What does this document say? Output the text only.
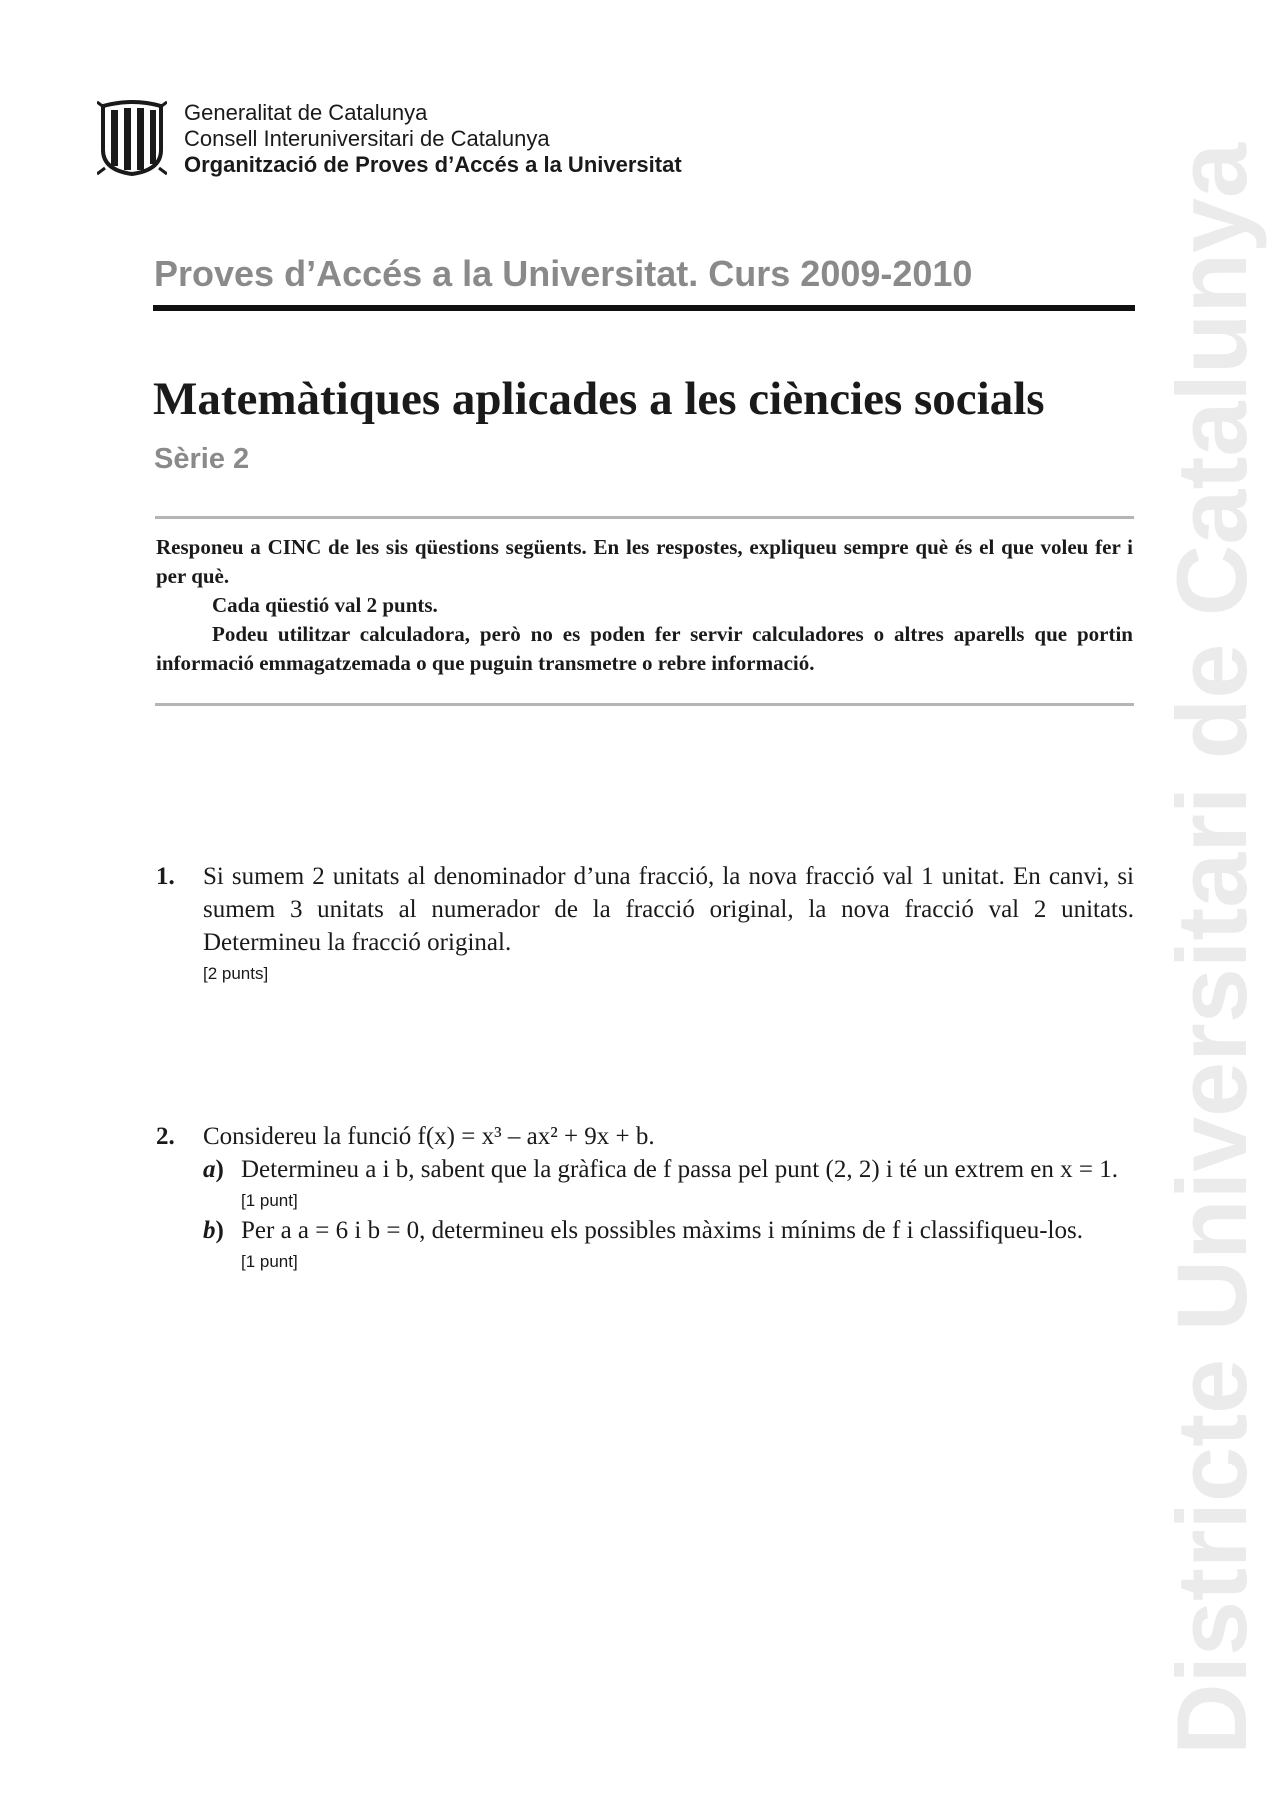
Generalitat de Catalunya
Consell Interuniversitari de Catalunya
Organització de Proves d’Accés a la Universitat
Proves d’Accés a la Universitat. Curs 2009-2010
Matemàtiques aplicades a les ciències socials
Sèrie 2

Responeu a CINC de les sis qüestions següents. En les respostes, expliqueu sempre què és el que voleu fer i per què.

Cada qüestió val 2 punts.

Podeu utilitzar calculadora, però no es poden fer servir calculadores o altres aparells que portin informació emmagatzemada o que puguin transmetre o rebre informació.

1. Si sumem 2 unitats al denominador d’una fracció, la nova fracció val 1 unitat. En canvi, si sumem 3 unitats al numerador de la fracció original, la nova fracció val 2 unitats. Determineu la fracció original.
[2 punts]
2. Considereu la funció f(x) = x³ – ax² + 9x + b.
a) Determineu a i b, sabent que la gràfica de f passa pel punt (2, 2) i té un extrem en x = 1.
[1 punt]
b) Per a a = 6 i b = 0, determineu els possibles màxims i mínims de f i classifiqueu-los.
[1 punt]	Districte Universitari de Catalunya
